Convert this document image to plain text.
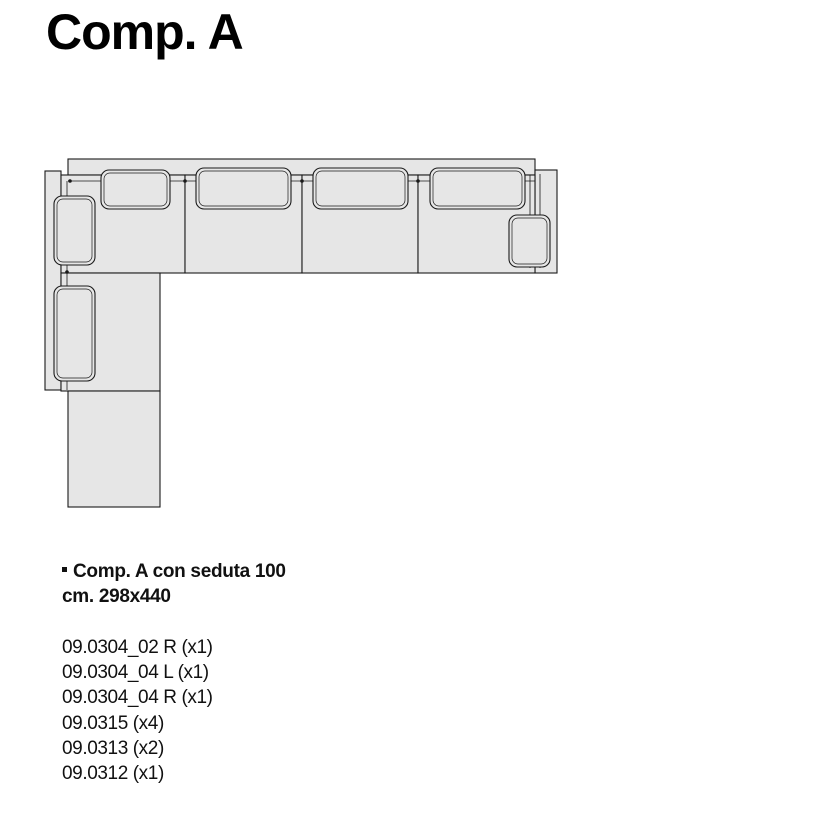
Comp. A
Comp. A con seduta 100
cm. 298x440
09.0304_02 R (x1)
09.0304_04 L (x1)
09.0304_04 R (x1)
09.0315 (x4)
09.0313 (x2)
09.0312 (x1)
